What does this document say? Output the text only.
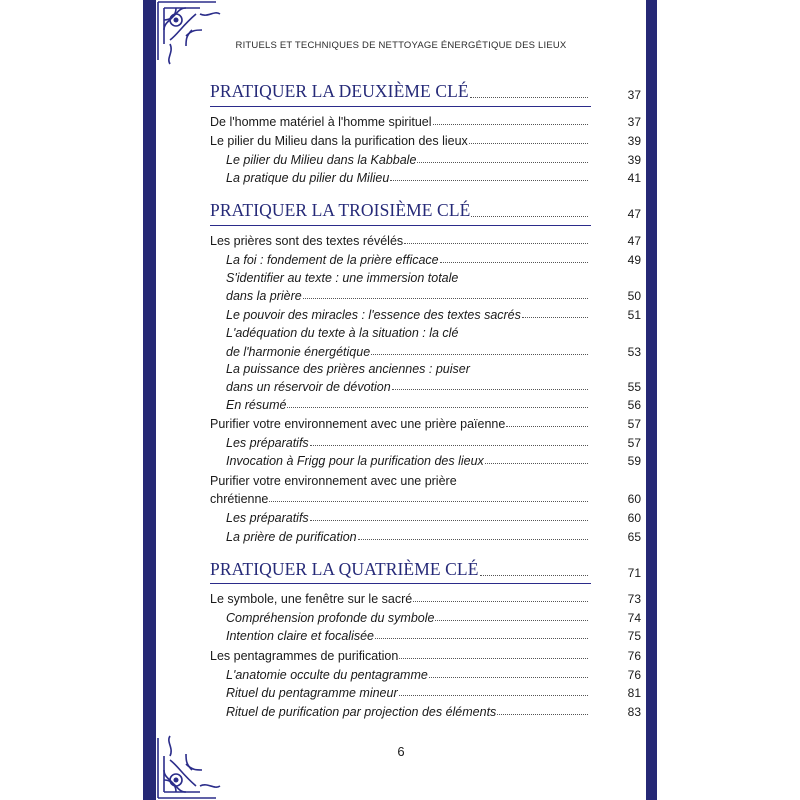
RITUELS ET TECHNIQUES DE NETTOYAGE ÉNERGÉTIQUE DES LIEUX
PRATIQUER LA DEUXIÈME CLÉ	37
De l'homme matériel à l'homme spirituel	37
Le pilier du Milieu dans la purification des lieux	39
Le pilier du Milieu dans la Kabbale	39
La pratique du pilier du Milieu	41
PRATIQUER LA TROISIÈME CLÉ	47
Les prières sont des textes révélés	47
La foi : fondement de la prière efficace	49
S'identifier au texte : une immersion totale
dans la prière	50
Le pouvoir des miracles : l'essence des textes sacrés	51
L'adéquation du texte à la situation : la clé
de l'harmonie énergétique	53
La puissance des prières anciennes : puiser
dans un réservoir de dévotion	55
En résumé	56
Purifier votre environnement avec une prière païenne	57
Les préparatifs	57
Invocation à Frigg pour la purification des lieux	59
Purifier votre environnement avec une prière
chrétienne	60
Les préparatifs	60
La prière de purification	65
PRATIQUER LA QUATRIÈME CLÉ	71
Le symbole, une fenêtre sur le sacré	73
Compréhension profonde du symbole	74
Intention claire et focalisée	75
Les pentagrammes de purification	76
L'anatomie occulte du pentagramme	76
Rituel du pentagramme mineur	81
Rituel de purification par projection des éléments	83
6
